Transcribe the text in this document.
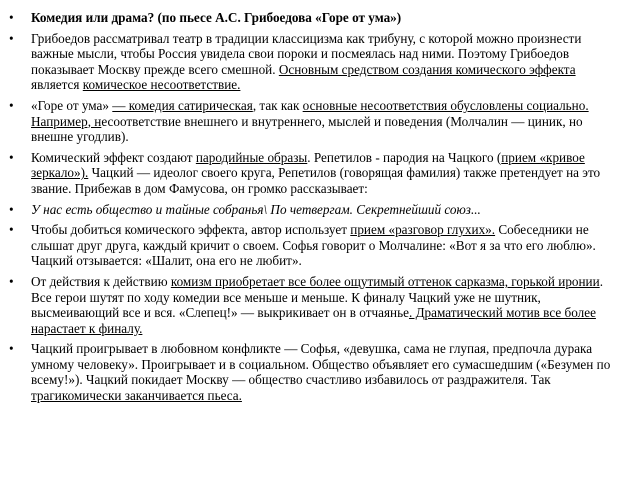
• Комедия или драма? (по пьесе А.С. Грибоедова «Горе от ума»)
• Грибоедов рассматривал театр в традиции классицизма как трибуну, с которой можно произнести важные мысли, чтобы Россия увидела свои пороки и посмеялась над ними. Поэтому Грибоедов показывает Москву прежде всего смешной. Основным средством создания комического эффекта является комическое несоответствие.
• «Горе от ума» — комедия сатирическая, так как основные несоответствия обусловлены социально. Например, несоответствие внешнего и внутреннего, мыслей и поведения (Молчалин — циник, но внешне угодлив).
• Комический эффект создают пародийные образы. Репетилов - пародия на Чацкого (прием «кривое зеркало»). Чацкий — идеолог своего круга, Репетилов (говорящая фамилия) также претендует на это звание. Прибежав в дом Фамусова, он громко рассказывает:
• У нас есть общество и тайные собранья\ По четвергам. Секретнейший союз...
• Чтобы добиться комического эффекта, автор использует прием «разговор глухих». Собеседники не слышат друг друга, каждый кричит о своем. Софья говорит о Молчалине: «Вот я за что его люблю». Чацкий отзывается: «Шалит, она его не любит».
• От действия к действию комизм приобретает все более ощутимый оттенок сарказма, горькой иронии. Все герои шутят по ходу комедии все меньше и меньше. К финалу Чацкий уже не шутник, высмеивающий все и вся. «Слепец!» — выкрикивает он в отчаянье. Драматический мотив все более нарастает к финалу.
• Чацкий проигрывает в любовном конфликте — Софья, «девушка, сама не глупая, предпочла дурака умному человеку». Проигрывает и в социальном. Общество объявляет его сумасшедшим («Безумен по всему!»). Чацкий покидает Москву — общество счастливо избавилось от раздражителя. Так трагикомически заканчивается пьеса.
